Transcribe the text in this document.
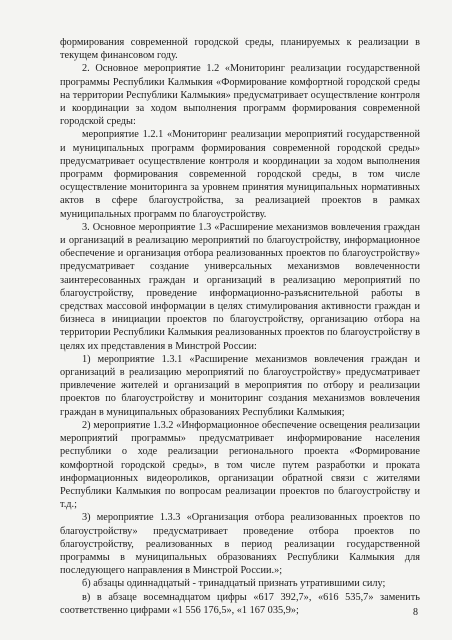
формирования современной городской среды, планируемых к реализации в текущем финансовом году.

2. Основное мероприятие 1.2 «Мониторинг реализации государственной программы Республики Калмыкия «Формирование комфортной городской среды на территории Республики Калмыкия» предусматривает осуществление контроля и координации за ходом выполнения программ формирования современной городской среды:

мероприятие 1.2.1 «Мониторинг реализации мероприятий государственной и муниципальных программ формирования современной городской среды» предусматривает осуществление контроля и координации за ходом выполнения программ формирования современной городской среды, в том числе осуществление мониторинга за уровнем принятия муниципальных нормативных актов в сфере благоустройства, за реализацией проектов в рамках муниципальных программ по благоустройству.

3. Основное мероприятие 1.3 «Расширение механизмов вовлечения граждан и организаций в реализацию мероприятий по благоустройству, информационное обеспечение и организация отбора реализованных проектов по благоустройству» предусматривает создание универсальных механизмов вовлеченности заинтересованных граждан и организаций в реализацию мероприятий по благоустройству, проведение информационно-разъяснительной работы в средствах массовой информации в целях стимулирования активности граждан и бизнеса в инициации проектов по благоустройству, организацию отбора на территории Республики Калмыкия реализованных проектов по благоустройству в целях их представления в Минстрой России:

1) мероприятие 1.3.1 «Расширение механизмов вовлечения граждан и организаций в реализацию мероприятий по благоустройству» предусматривает привлечение жителей и организаций в мероприятия по отбору и реализации проектов по благоустройству и мониторинг создания механизмов вовлечения граждан в муниципальных образованиях Республики Калмыкия;

2) мероприятие 1.3.2 «Информационное обеспечение освещения реализации мероприятий программы» предусматривает информирование населения республики о ходе реализации регионального проекта «Формирование комфортной городской среды», в том числе путем разработки и проката информационных видеороликов, организации обратной связи с жителями Республики Калмыкия по вопросам реализации проектов по благоустройству и т.д.;

3) мероприятие 1.3.3 «Организация отбора реализованных проектов по благоустройству» предусматривает проведение отбора проектов по благоустройству, реализованных в период реализации государственной программы в муниципальных образованиях Республики Калмыкия для последующего направления в Минстрой России.»;

б) абзацы одиннадцатый - тринадцатый признать утратившими силу;

в) в абзаце восемнадцатом цифры «617 392,7», «616 535,7» заменить соответственно цифрами «1 556 176,5», «1 167 035,9»;	8
